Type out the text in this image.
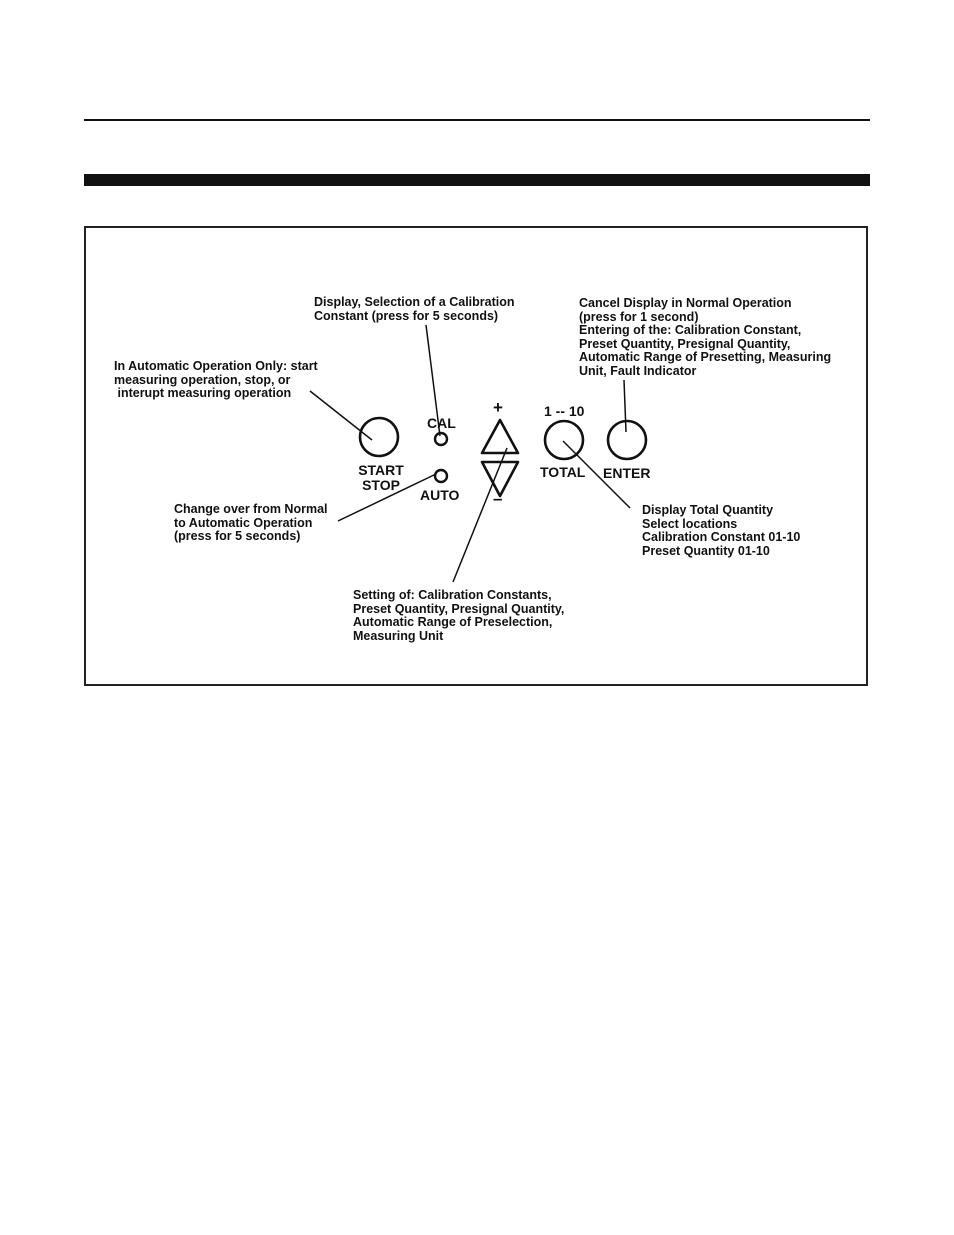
Display, Selection of a Calibration
Constant (press for 5 seconds)
Cancel Display in Normal Operation
(press for 1 second)
Entering of the: Calibration Constant,
Preset Quantity, Presignal Quantity,
Automatic Range of Presetting, Measuring
Unit, Fault Indicator
In Automatic Operation Only: start
measuring operation, stop, or
interupt measuring operation
Change over from Normal
to Automatic Operation
(press for 5 seconds)
Display Total Quantity
Select locations
Calibration Constant 01-10
Preset Quantity 01-10
Setting of: Calibration Constants,
Preset Quantity, Presignal Quantity,
Automatic Range of Preselection,
Measuring Unit
START
STOP
CAL
AUTO
+
–
1 -- 10
TOTAL ENTER
